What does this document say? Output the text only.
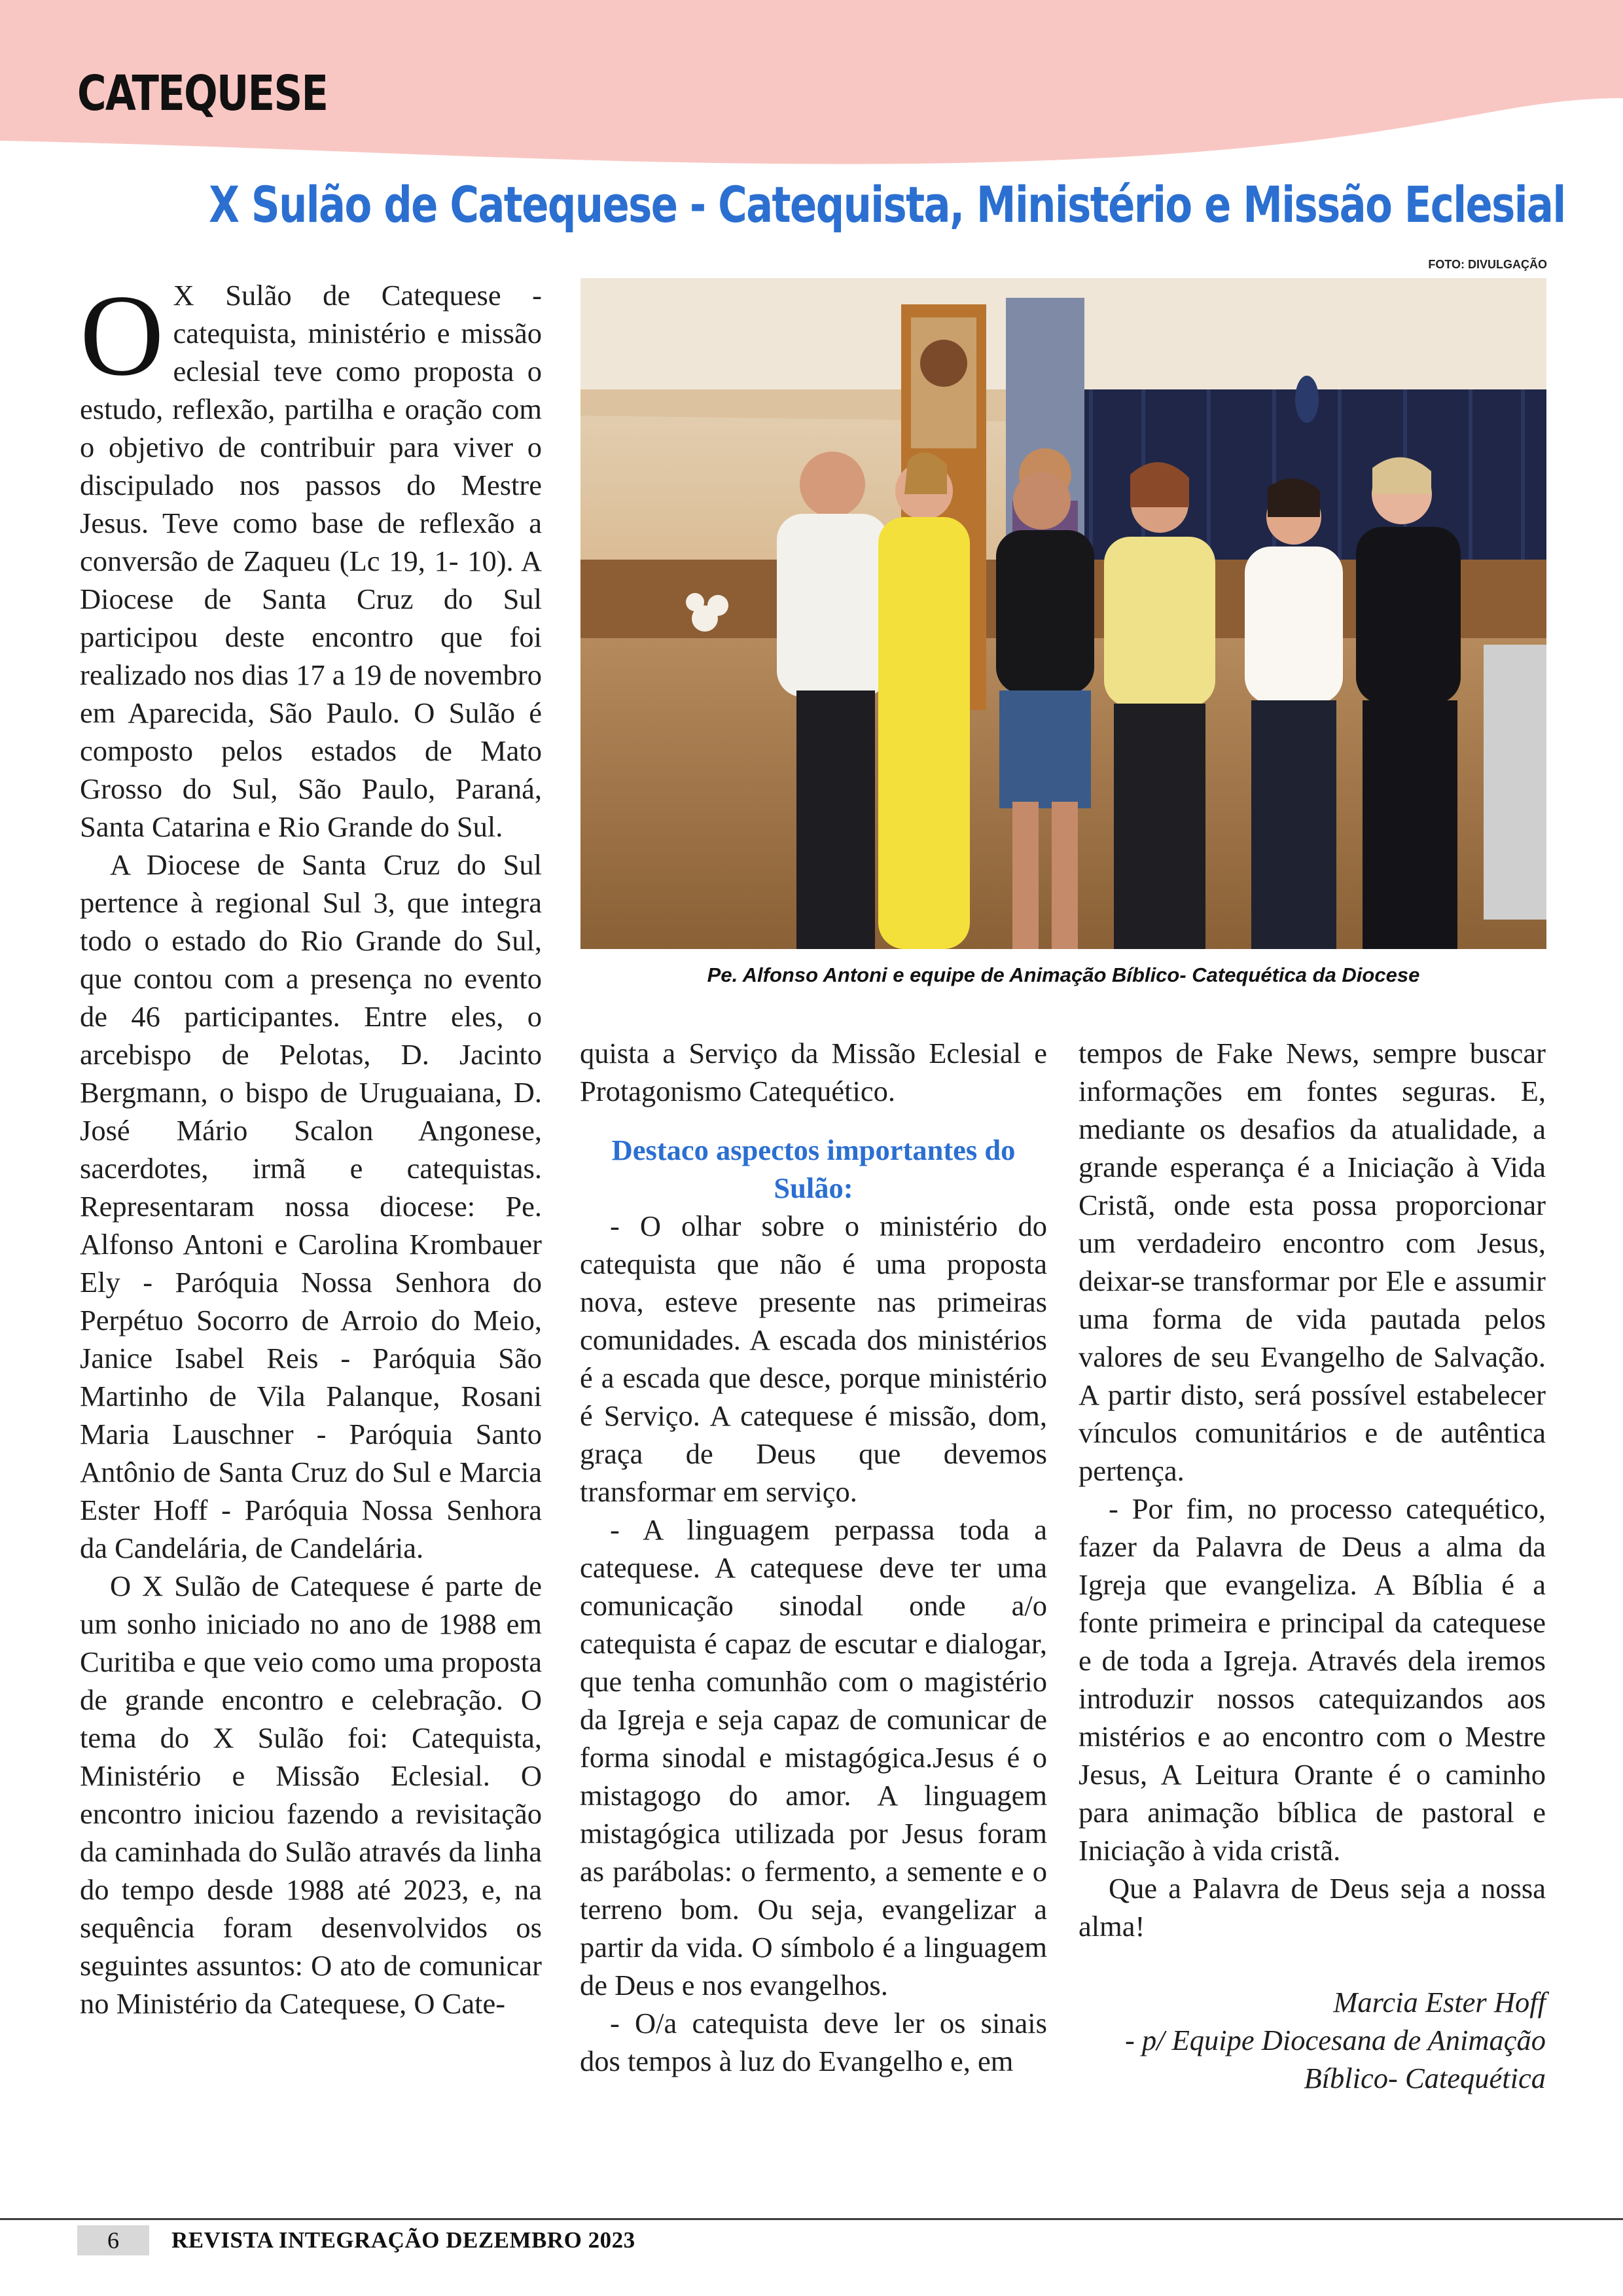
CATEQUESE
X Sulão de Catequese - Catequista, Ministério e Missão Eclesial
FOTO: DIVULGAÇÃO
Pe. Alfonso Antoni e equipe de Animação Bíblico- Catequética da Diocese

O X Sulão de Catequese - catequista, ministério e missão eclesial teve como proposta o estudo, reflexão, partilha e oração com o objetivo de contribuir para viver o discipulado nos passos do Mestre Jesus. Teve como base de reflexão a conversão de Zaqueu (Lc 19, 1- 10). A Diocese de Santa Cruz do Sul participou deste encontro que foi realizado nos dias 17 a 19 de novembro em Aparecida, São Paulo. O Sulão é composto pelos estados de Mato Grosso do Sul, São Paulo, Paraná, Santa Catarina e Rio Grande do Sul.

A Diocese de Santa Cruz do Sul pertence à regional Sul 3, que integra todo o estado do Rio Grande do Sul, que contou com a presença no evento de 46 participantes. Entre eles, o arcebispo de Pelotas, D. Jacinto Bergmann, o bispo de Uruguaiana, D. José Mário Scalon Angonese, sacerdotes, irmã e catequistas. Representaram nossa diocese: Pe. Alfonso Antoni e Carolina Krombauer Ely - Paróquia Nossa Senhora do Perpétuo Socorro de Arroio do Meio, Janice Isabel Reis - Paróquia São Martinho de Vila Palanque, Rosani Maria Lauschner - Paróquia Santo Antônio de Santa Cruz do Sul e Marcia Ester Hoff - Paróquia Nossa Senhora da Candelária, de Candelária.

O X Sulão de Catequese é parte de um sonho iniciado no ano de 1988 em Curitiba e que veio como uma proposta de grande encontro e celebração. O tema do X Sulão foi: Catequista, Ministério e Missão Eclesial. O encontro iniciou fazendo a revisitação da caminhada do Sulão através da linha do tempo desde 1988 até 2023, e, na sequência foram desenvolvidos os seguintes assuntos: O ato de comunicar no Ministério da Catequese, O Cate-

quista a Serviço da Missão Eclesial e Protagonismo Catequético.

Destaco aspectos importantes do Sulão:

- O olhar sobre o ministério do catequista que não é uma proposta nova, esteve presente nas primeiras comunidades. A escada dos ministérios é a escada que desce, porque ministério é Serviço. A catequese é missão, dom, graça de Deus que devemos transformar em serviço.

- A linguagem perpassa toda a catequese. A catequese deve ter uma comunicação sinodal onde a/o catequista é capaz de escutar e dialogar, que tenha comunhão com o magistério da Igreja e seja capaz de comunicar de forma sinodal e mistagógica.Jesus é o mistagogo do amor. A linguagem mistagógica utilizada por Jesus foram as parábolas: o fermento, a semente e o terreno bom. Ou seja, evangelizar a partir da vida. O símbolo é a linguagem de Deus e nos evangelhos.

- O/a catequista deve ler os sinais dos tempos à luz do Evangelho e, em

tempos de Fake News, sempre buscar informações em fontes seguras. E, mediante os desafios da atualidade, a grande esperança é a Iniciação à Vida Cristã, onde esta possa proporcionar um verdadeiro encontro com Jesus, deixar-se transformar por Ele e assumir uma forma de vida pautada pelos valores de seu Evangelho de Salvação. A partir disto, será possível estabelecer vínculos comunitários e de autêntica pertença.

- Por fim, no processo catequético, fazer da Palavra de Deus a alma da Igreja que evangeliza. A Bíblia é a fonte primeira e principal da catequese e de toda a Igreja. Através dela iremos introduzir nossos catequizandos aos mistérios e ao encontro com o Mestre Jesus, A Leitura Orante é o caminho para animação bíblica de pastoral e Iniciação à vida cristã.

Que a Palavra de Deus seja a nossa alma!

Marcia Ester Hoff
- p/ Equipe Diocesana de Animação
Bíblico- Catequética

6	REVISTA INTEGRAÇÃO DEZEMBRO 2023
